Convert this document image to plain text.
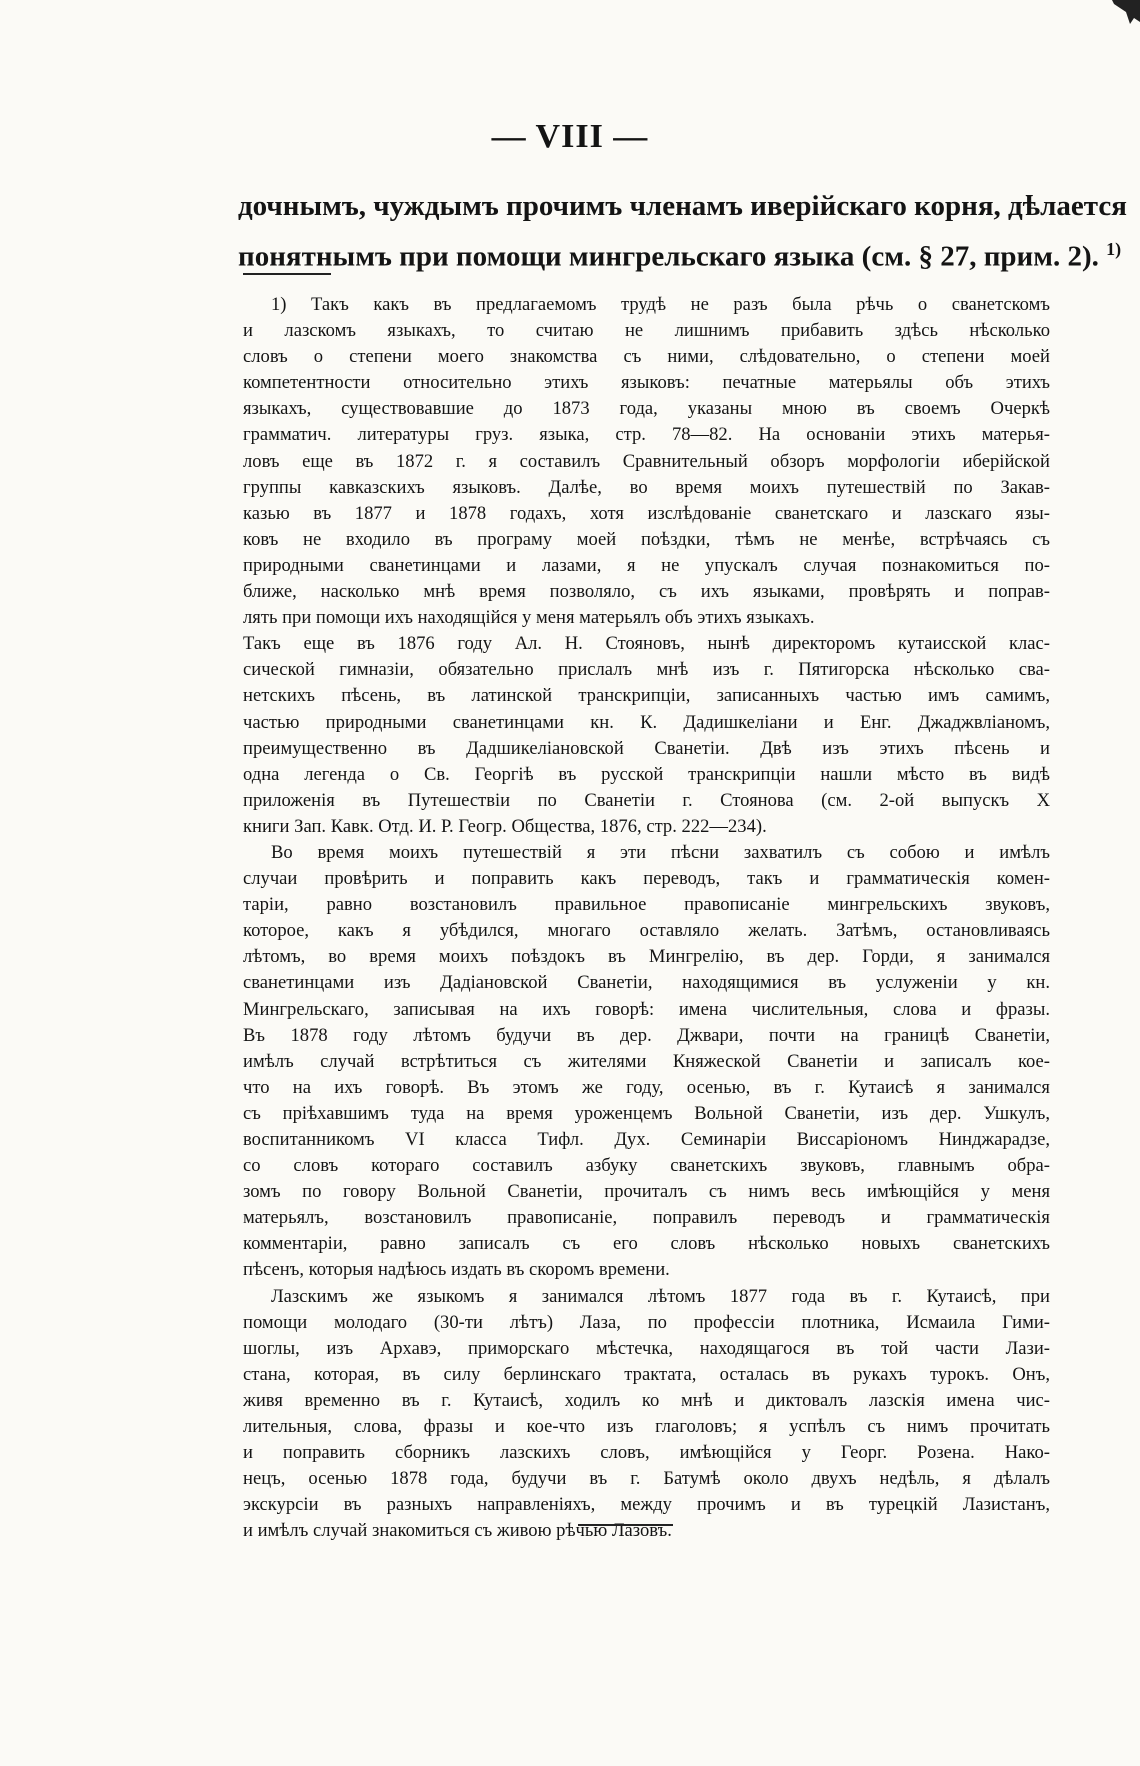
— VIII —
дочнымъ, чуждымъ прочимъ членамъ иверійскаго корня, дѣлается
понятнымъ при помощи мингрельскаго языка (см. § 27, прим. 2). $^{1)}$
1) Такъ какъ въ предлагаемомъ трудѣ не разъ была рѣчь о сванетскомъ
и лазскомъ языкахъ, то считаю не лишнимъ прибавить здѣсь нѣсколько
словъ о степени моего знакомства съ ними, слѣдовательно, о степени моей
компетентности относительно этихъ языковъ: печатные матерьялы объ этихъ
языкахъ, существовавшие до 1873 года, указаны мною въ своемъ Очеркѣ
грамматич. литературы груз. языка, стр. 78—82. На основаніи этихъ матерья-
ловъ еще въ 1872 г. я составилъ Сравнительный обзоръ морфологіи иберійской
группы кавказскихъ языковъ. Далѣе, во время моихъ путешествій по Закав-
казью въ 1877 и 1878 годахъ, хотя изслѣдованіе сванетскаго и лазскаго язы-
ковъ не входило въ програму моей поѣздки, тѣмъ не менѣе, встрѣчаясь съ
природными сванетинцами и лазами, я не упускалъ случая познакомиться по-
ближе, насколько мнѣ время позволяло, съ ихъ языками, провѣрять и поправ-
лять при помощи ихъ находящійся у меня матерьялъ объ этихъ языкахъ.
Такъ еще въ 1876 году Ал. Н. Стояновъ, нынѣ директоромъ кутаисской клас-
сической гимназіи, обязательно прислалъ мнѣ изъ г. Пятигорска нѣсколько сва-
нетскихъ пѣсень, въ латинской транскрипціи, записанныхъ частью имъ самимъ,
частью природными сванетинцами кн. К. Дадишкеліани и Енг. Джаджвліаномъ,
преимущественно въ Дадшикеліановской Сванетіи. Двѣ изъ этихъ пѣсень и
одна легенда о Св. Георгіѣ въ русской транскрипціи нашли мѣсто въ видѣ
приложенія въ Путешествіи по Сванетіи г. Стоянова (см. 2-ой выпускъ X
книги Зап. Кавк. Отд. И. Р. Геогр. Общества, 1876, стр. 222—234).
Во время моихъ путешествій я эти пѣсни захватилъ съ собою и имѣлъ
случаи провѣрить и поправить какъ переводъ, такъ и грамматическія комен-
таріи, равно возстановилъ правильное правописаніе мингрельскихъ звуковъ,
которое, какъ я убѣдился, многаго оставляло желать. Затѣмъ, остановливаясь
лѣтомъ, во время моихъ поѣздокъ въ Мингрелію, въ дер. Горди, я занимался
сванетинцами изъ Дадіановской Сванетіи, находящимися въ услуженіи у кн.
Мингрельскаго, записывая на ихъ говорѣ: имена числительныя, слова и фразы.
Въ 1878 году лѣтомъ будучи въ дер. Джвари, почти на границѣ Сванетіи,
имѣлъ случай встрѣтиться съ жителями Княжеской Сванетіи и записалъ кое-
что на ихъ говорѣ. Въ этомъ же году, осенью, въ г. Кутаисѣ я занимался
съ пріѣхавшимъ туда на время уроженцемъ Вольной Сванетіи, изъ дер. Ушкулъ,
воспитанникомъ VI класса Тифл. Дух. Семинаріи Виссаріономъ Нинджарадзе,
со словъ котораго составилъ азбуку сванетскихъ звуковъ, главнымъ обра-
зомъ по говору Вольной Сванетіи, прочиталъ съ нимъ весь имѣющійся у меня
матерьялъ, возстановилъ правописаніе, поправилъ переводъ и грамматическія
комментаріи, равно записалъ съ его словъ нѣсколько новыхъ сванетскихъ
пѣсенъ, которыя надѣюсь издать въ скоромъ времени.
Лазскимъ же языкомъ я занимался лѣтомъ 1877 года въ г. Кутаисѣ, при
помощи молодаго (30-ти лѣтъ) Лаза, по профессіи плотника, Исмаила Гими-
шоглы, изъ Архавэ, приморскаго мѣстечка, находящагося въ той части Лази-
стана, которая, въ силу берлинскаго трактата, осталась въ рукахъ турокъ. Онъ,
живя временно въ г. Кутаисѣ, ходилъ ко мнѣ и диктовалъ лазскія имена чис-
лительныя, слова, фразы и кое-что изъ глаголовъ; я успѣлъ съ нимъ прочитать
и поправить сборникъ лазскихъ словъ, имѣющійся у Георг. Розена. Нако-
нецъ, осенью 1878 года, будучи въ г. Батумѣ около двухъ недѣль, я дѣлалъ
экскурсіи въ разныхъ направленіяхъ, между прочимъ и въ турецкій Лазистанъ,
и имѣлъ случай знакомиться съ живою рѣчью Лазовъ.
